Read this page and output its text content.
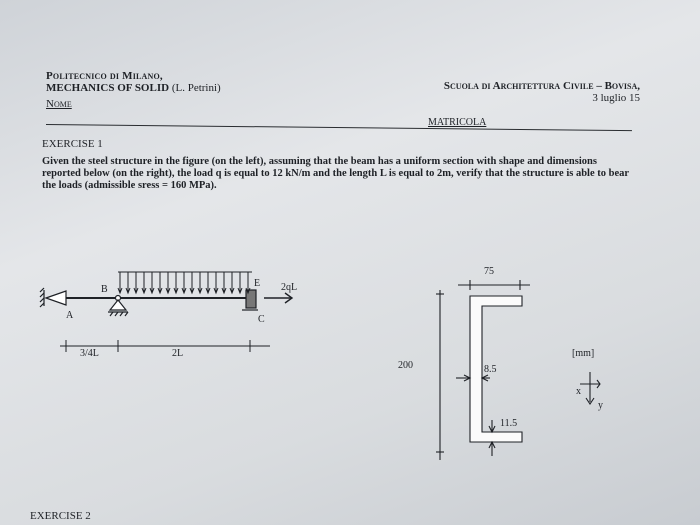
Politecnico di Milano,
MECHANICS OF SOLID (L. Petrini)
Nome
Scuola di Architettura Civile – Bovisa,
3 luglio 15
MATRICOLA
EXERCISE 1
Given the steel structure in the figure (on the left), assuming that the beam has a uniform section with shape and dimensions reported below (on the right), the load q is equal to 12 kN/m and the length L is equal to 2m, verify that the structure is able to bear the loads (admissible sress = 160 MPa).
B
A
E
C
2qL
3/4L	2L
75
200	8.5
11.5
[mm]
x
y
EXERCISE 2
